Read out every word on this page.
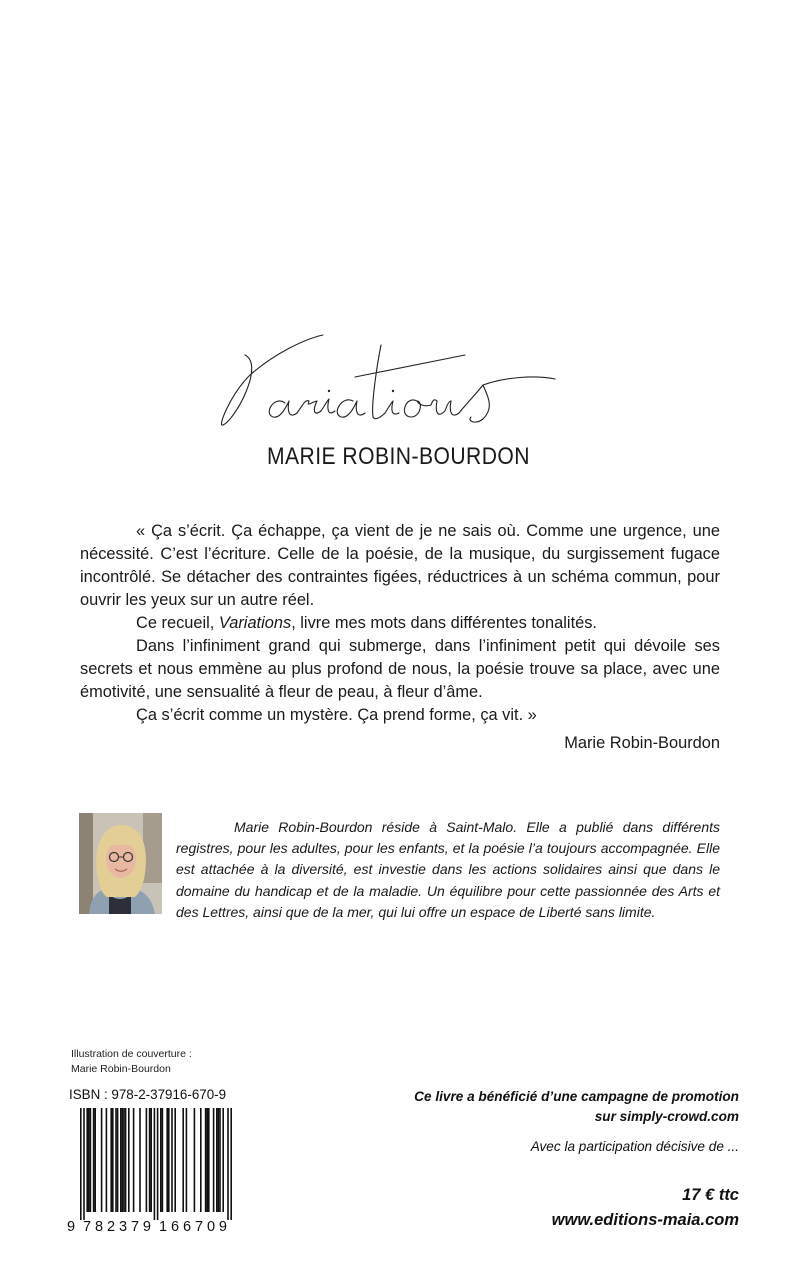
MARIE ROBIN-BOURDON

« Ça s’écrit. Ça échappe, ça vient de je ne sais où. Comme une urgence, une nécessité. C’est l’écriture. Celle de la poésie, de la musique, du surgissement fugace incontrôlé. Se détacher des contraintes figées, réductrices à un schéma commun, pour ouvrir les yeux sur un autre réel.

Ce recueil, Variations, livre mes mots dans différentes tonalités.

Dans l’infiniment grand qui submerge, dans l’infiniment petit qui dévoile ses secrets et nous emmène au plus profond de nous, la poésie trouve sa place, avec une émotivité, une sensualité à fleur de peau, à fleur d’âme.

Ça s’écrit comme un mystère. Ça prend forme, ça vit. »

Marie Robin-Bourdon
Marie Robin-Bourdon réside à Saint-Malo. Elle a publié dans différents registres, pour les adultes, pour les enfants, et la poésie l’a toujours accompagnée. Elle est attachée à la diversité, est investie dans les actions solidaires ainsi que dans le domaine du handicap et de la maladie. Un équilibre pour cette passionnée des Arts et des Lettres, ainsi que de la mer, qui lui offre un espace de Liberté sans limite.
Illustration de couverture :
Marie Robin-Bourdon
ISBN : 978-2-37916-670-9
9 782379 166709
Ce livre a bénéficié d’une campagne de promotion
sur simply-crowd.com
Avec la participation décisive de ...
17 € ttc
www.editions-maia.com
